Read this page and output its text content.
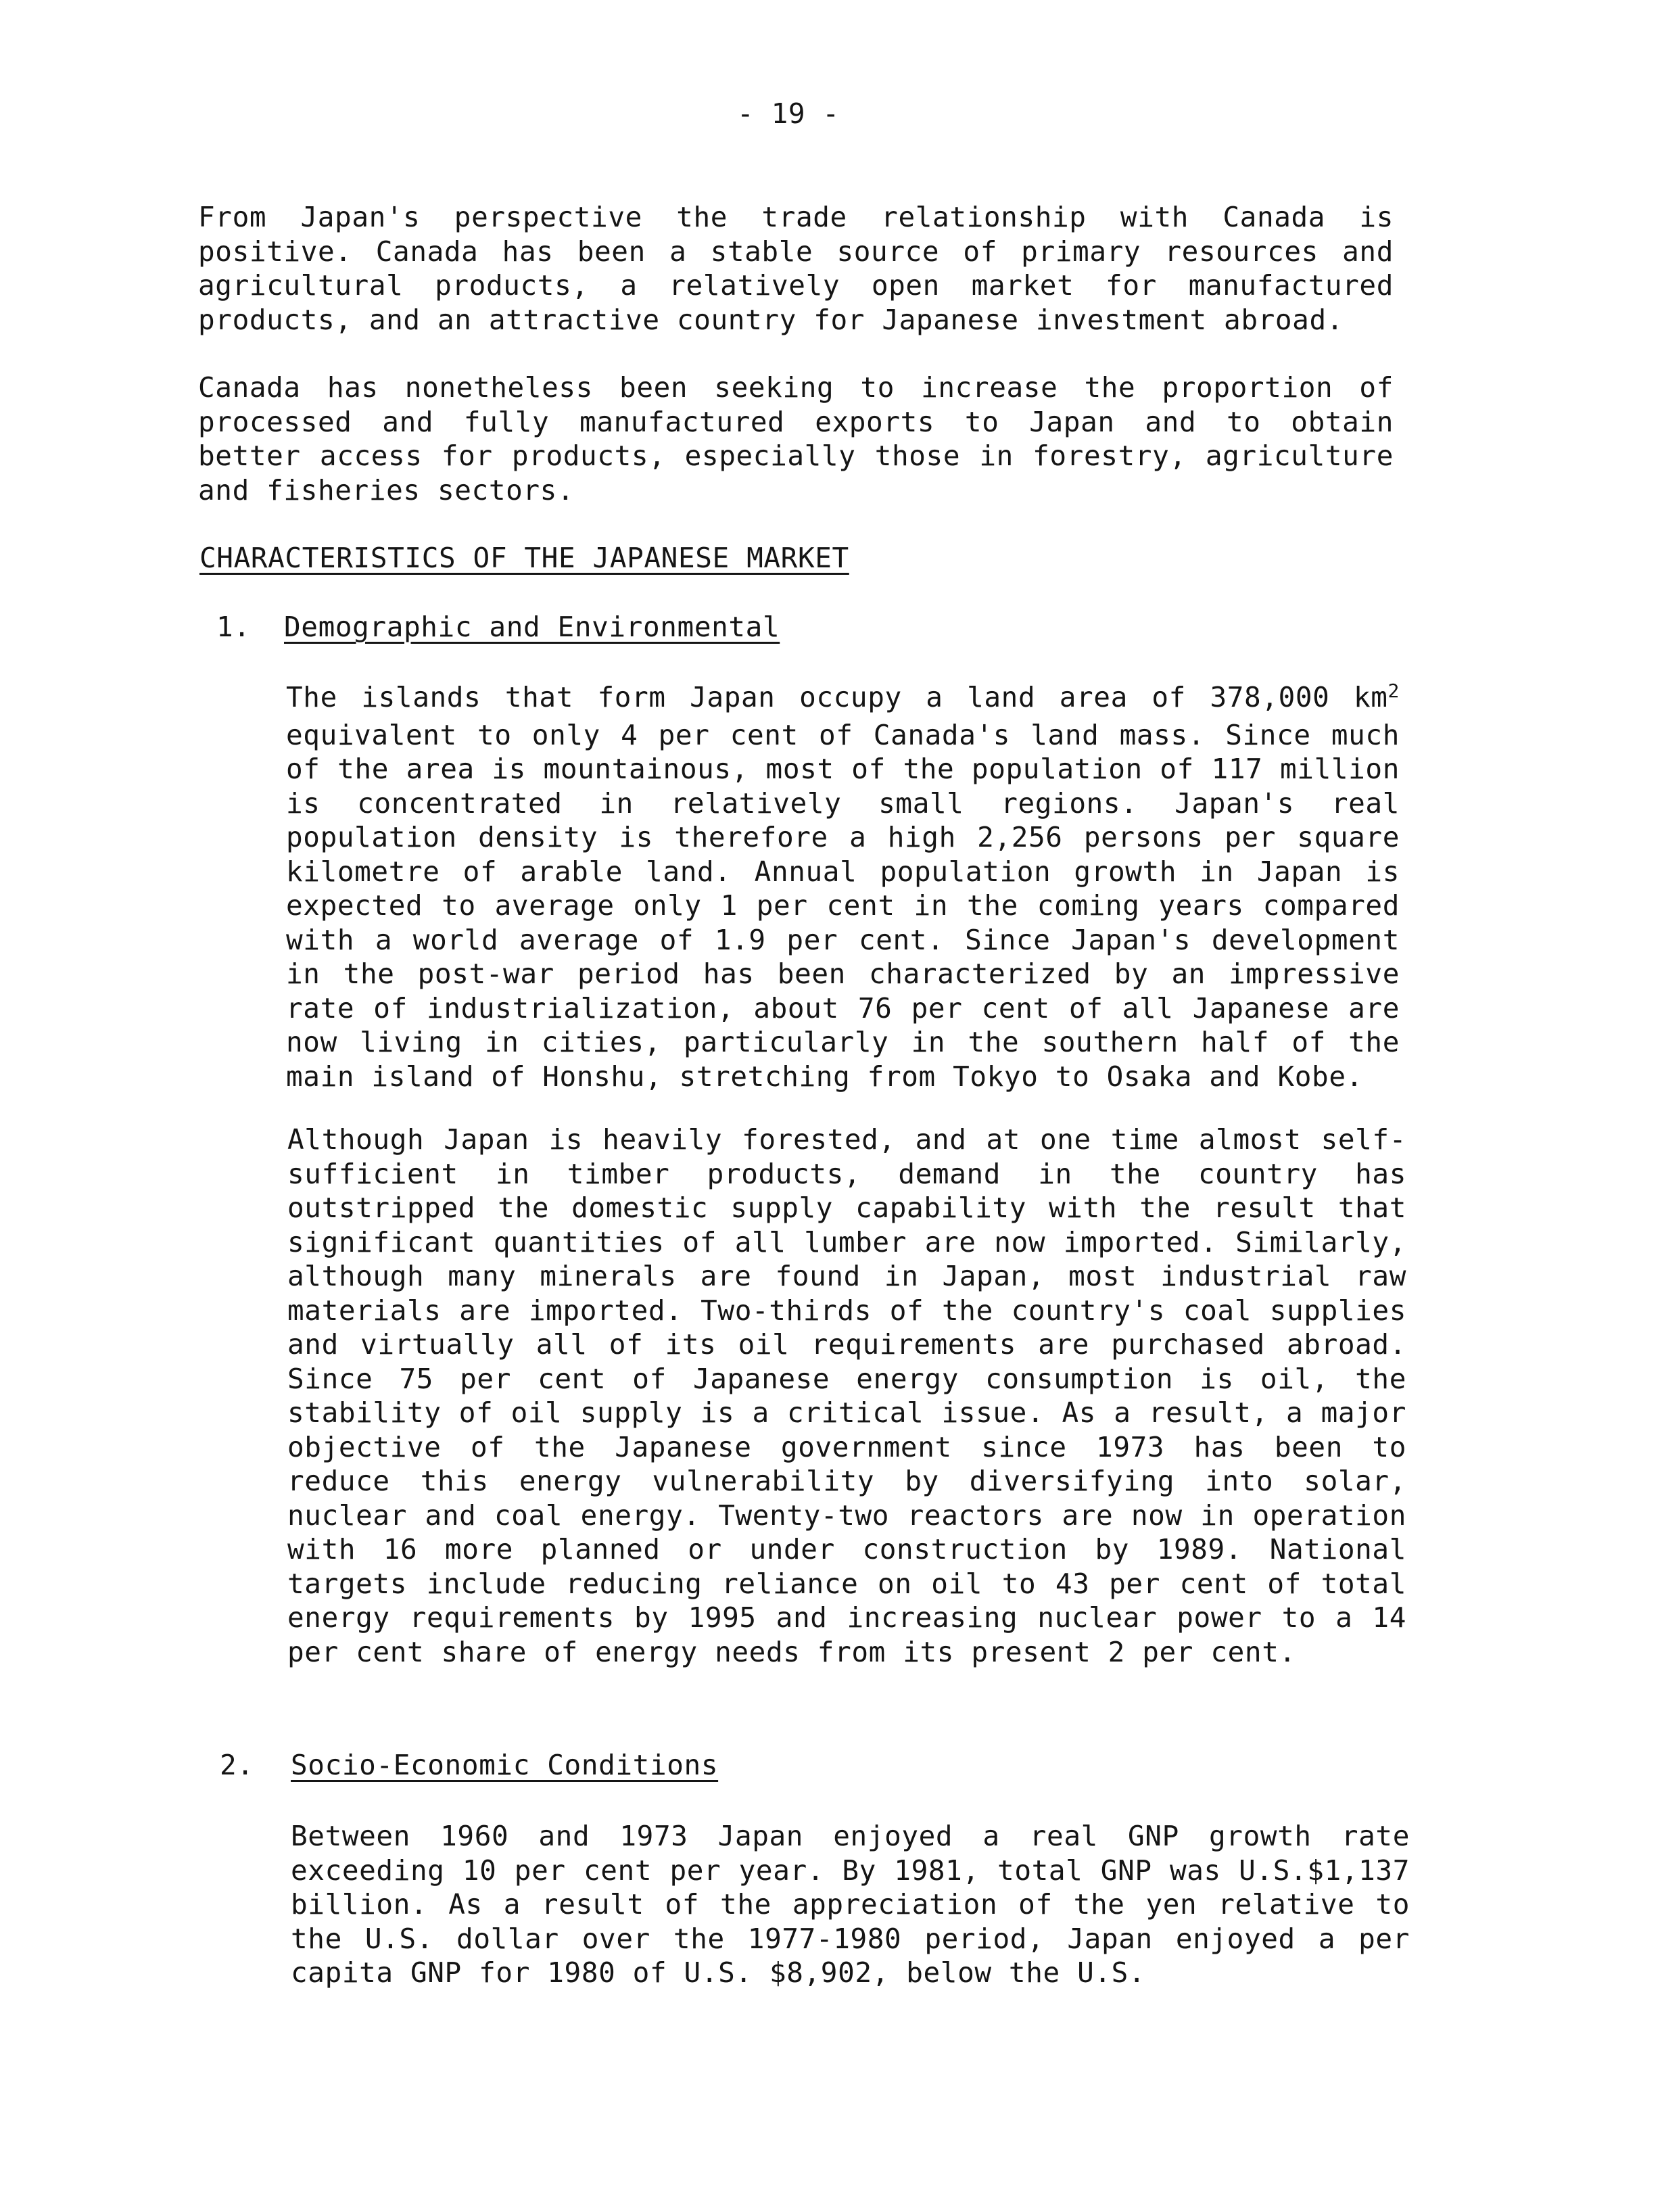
- 19 -

From Japan's perspective the trade relationship with Canada is positive. Canada has been a stable source of primary resources and agricultural products, a relatively open market for manufactured products, and an attractive country for Japanese investment abroad.

Canada has nonetheless been seeking to increase the proportion of processed and fully manufactured exports to Japan and to obtain better access for products, especially those in forestry, agriculture and fisheries sectors.

CHARACTERISTICS OF THE JAPANESE MARKET
1. Demographic and Environmental

The islands that form Japan occupy a land area of 378,000 $km^2$ equivalent to only 4 per cent of Canada's land mass. Since much of the area is mountainous, most of the population of 117 million is concentrated in relatively small regions. Japan's real population density is therefore a high 2,256 persons per square kilometre of arable land. Annual population growth in Japan is expected to average only 1 per cent in the coming years compared with a world average of 1.9 per cent. Since Japan's development in the post-war period has been characterized by an impressive rate of industrialization, about 76 per cent of all Japanese are now living in cities, particularly in the southern half of the main island of Honshu, stretching from Tokyo to Osaka and Kobe.

Although Japan is heavily forested, and at one time almost self-sufficient in timber products, demand in the country has outstripped the domestic supply capability with the result that significant quantities of all lumber are now imported. Similarly, although many minerals are found in Japan, most industrial raw materials are imported. Two-thirds of the country's coal supplies and virtually all of its oil requirements are purchased abroad. Since 75 per cent of Japanese energy consumption is oil, the stability of oil supply is a critical issue. As a result, a major objective of the Japanese government since 1973 has been to reduce this energy vulnerability by diversifying into solar, nuclear and coal energy. Twenty-two reactors are now in operation with 16 more planned or under construction by 1989. National targets include reducing reliance on oil to 43 per cent of total energy requirements by 1995 and increasing nuclear power to a 14 per cent share of energy needs from its present 2 per cent.

2. Socio-Economic Conditions

Between 1960 and 1973 Japan enjoyed a real GNP growth rate exceeding 10 per cent per year. By 1981, total GNP was U.S.$1,137 billion. As a result of the appreciation of the yen relative to the U.S. dollar over the 1977-1980 period, Japan enjoyed a per capita GNP for 1980 of U.S. $8,902, below the U.S.
